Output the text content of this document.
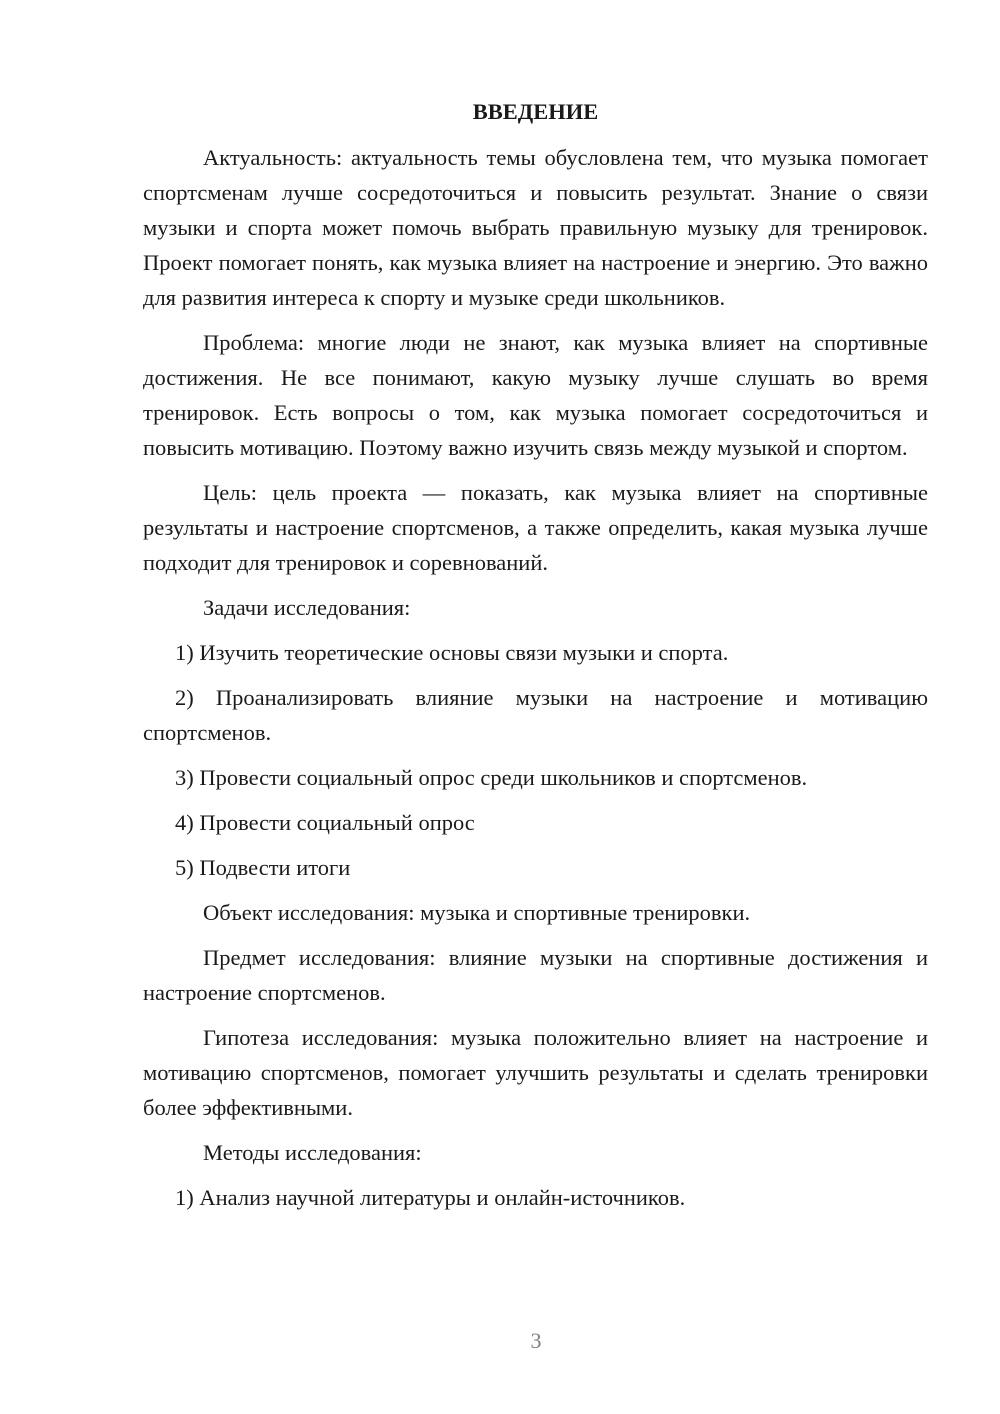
ВВЕДЕНИЕ

Актуальность: актуальность темы обусловлена тем, что музыка помогает спортсменам лучше сосредоточиться и повысить результат. Знание о связи музыки и спорта может помочь выбрать правильную музыку для тренировок. Проект помогает понять, как музыка влияет на настроение и энергию. Это важно для развития интереса к спорту и музыке среди школьников.

Проблема: многие люди не знают, как музыка влияет на спортивные достижения. Не все понимают, какую музыку лучше слушать во время тренировок. Есть вопросы о том, как музыка помогает сосредоточиться и повысить мотивацию. Поэтому важно изучить связь между музыкой и спортом.

Цель: цель проекта — показать, как музыка влияет на спортивные результаты и настроение спортсменов, а также определить, какая музыка лучше подходит для тренировок и соревнований.

Задачи исследования:

1) Изучить теоретические основы связи музыки и спорта.

2) Проанализировать влияние музыки на настроение и мотивацию спортсменов.

3) Провести социальный опрос среди школьников и спортсменов.

4) Провести социальный опрос

5) Подвести итоги

Объект исследования: музыка и спортивные тренировки.

Предмет исследования: влияние музыки на спортивные достижения и настроение спортсменов.

Гипотеза исследования: музыка положительно влияет на настроение и мотивацию спортсменов, помогает улучшить результаты и сделать тренировки более эффективными.

Методы исследования:

1) Анализ научной литературы и онлайн-источников.

3
